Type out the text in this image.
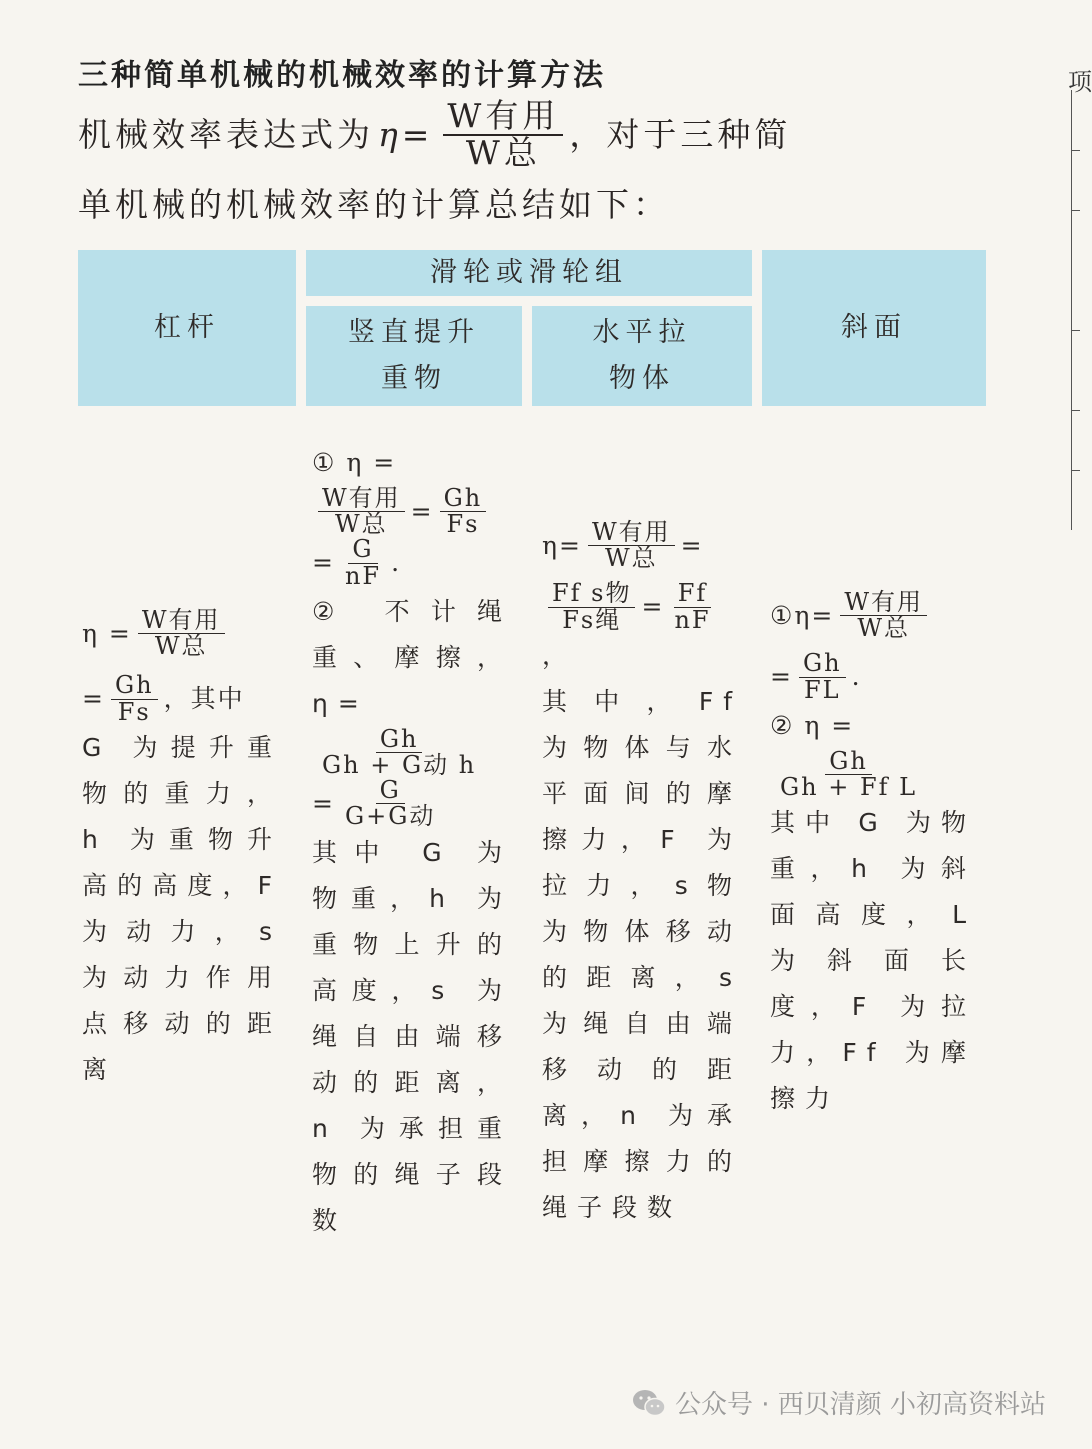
三种简单机械的机械效率的计算方法
机械效率表达式为 $\eta= \frac{\text{W有用}}{\text{W总}}$ ，对于三种简
单机械的机械效率的计算总结如下：
杠杆
滑轮或滑轮组
竖直提升重物
水平拉物体
斜面
$\eta = \frac{\text{W有用}}{\text{W总}}$
= $\frac{Gh}{Fs}$ ，其中

G 为提升重物的重力，h 为重物升高的高度，F 为动力，s 为动力作用点移动的距离

① η =
$\frac{\text{W有用}}{\text{W总}} = \frac{Gh}{Fs}$
= $\frac{G}{nF}$ .

② 不计绳重、摩擦，η=

$\frac{Gh}{\text{Gh + G动 h}}$
= $\frac{G}{\text{G+G动}}$

其中 G 为物重，h 为重物上升的高度，s 为绳自由端移动的距离，n 为承担重物的绳子段数

$\eta= \frac{\text{W有用}}{\text{W总}}$ =
$\frac{\text{Ff s物}}{\text{Fs绳}} = \frac{Ff}{nF}$
，

其中，Ff 为物体与水平面间的摩擦力，F 为拉力，s物 为物体移动的距离，s 为绳自由端移动的距离，n 为承担摩擦力的绳子段数

①η= $\frac{\text{W有用}}{\text{W总}}$
= $\frac{Gh}{FL}$ .
② η =
$\frac{Gh}{\text{Gh + Ff L}}$

其中 G 为物重，h 为斜面高度，L 为斜面长度，F 为拉力，Ff 为摩擦力

项
公众号 · 西贝清颜 小初高资料站
